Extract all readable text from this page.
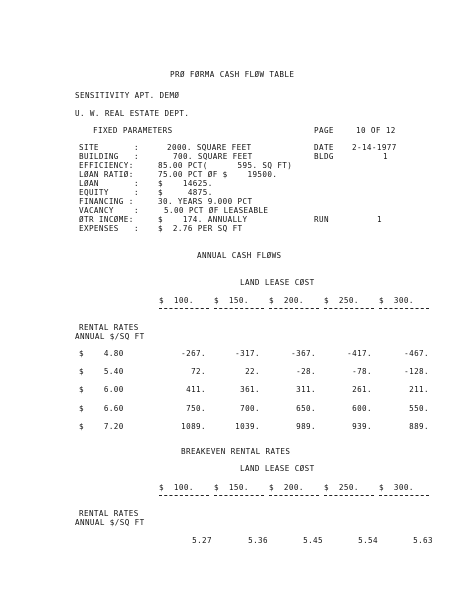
PRØ FØRMA CASH FLØW TABLE
SENSITIVITY APT. DEMØ
U. W. REAL ESTATE DEPT.
FIXED PARAMETERS	PAGE	10 OF 12
SITE	:	2000. SQUARE FEET
BUILDING :	700. SQUARE FEET
EFFICIENCY:	85.00 PCT(      595. SQ FT)
LØAN RATIØ:	75.00 PCT ØF $    19500.
LØAN	:	$    14625.
EQUITY	:	$     4875.
FINANCING :	30. YEARS 9.000 PCT
VACANCY	:	5.00 PCT ØF LEASEABLE
ØTR INCØME:	$    174. ANNUALLY
EXPENSES :	$  2.76 PER SQ FT
DATE 2-14-1977
BLDG	1
RUN	1
ANNUAL CASH FLØWS
LAND LEASE CØST
$  100.	$  150.	$  200.	$  250.	$  300.
RENTAL RATES
ANNUAL $/SQ FT
$    4.80	-267.	-317.	-367.	-417.	-467.
$    5.40	72.	22.	-28.	-78.	-128.
$    6.00	411.	361.	311.	261.	211.
$    6.60	750.	700.	650.	600.	550.
$    7.20	1089.	1039.	989.	939.	889.
BREAKEVEN RENTAL RATES
LAND LEASE CØST
$  100.	$  150.	$  200.	$  250.	$  300.
RENTAL RATES
ANNUAL $/SQ FT
5.27	5.36	5.45	5.54	5.63
